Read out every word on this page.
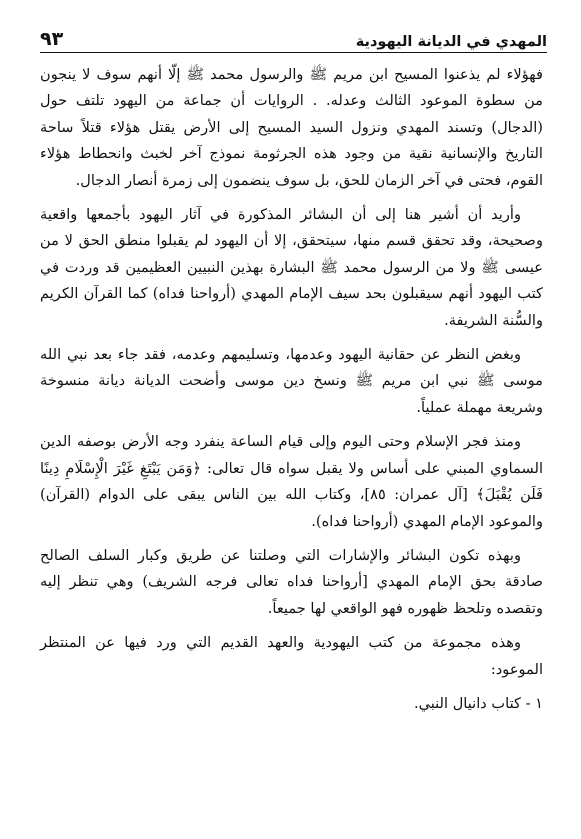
المهدي في الديانة اليهودية
٩٣

فهؤلاء لم يذعنوا المسيح ابن مريم ﷺ والرسول محمد ﷺ إلّا أنهم سوف لا ينجون من سطوة الموعود الثالث وعدله. . الروايات أن جماعة من اليهود تلتف حول (الدجال) وتسند المهدي ونزول السيد المسيح إلى الأرض يقتل هؤلاء قتلاً ساحة التاريخ والإنسانية نقية من وجود هذه الجرثومة نموذج آخر لخبث وانحطاط هؤلاء القوم، فحتى في آخر الزمان للحق، بل سوف ينضمون إلى زمرة أنصار الدجال.

وأريد أن أشير هنا إلى أن البشائر المذكورة في آثار اليهود بأجمعها واقعية وصحيحة، وقد تحقق قسم منها، سيتحقق، إلا أن اليهود لم يقبلوا منطق الحق لا من عيسى ﷺ ولا من الرسول محمد ﷺ البشارة بهذين النبيين العظيمين قد وردت في كتب اليهود أنهم سيقبلون بحد سيف الإمام المهدي (أرواحنا فداه) كما القرآن الكريم والسُّنة الشريفة.

وبغض النظر عن حقانية اليهود وعدمها، وتسليمهم وعدمه، فقد جاء بعد نبي الله موسى ﷺ نبي ابن مريم ﷺ ونسخ دين موسى وأضحت الديانة ديانة منسوخة وشريعة مهملة عملياً.

ومنذ فجر الإسلام وحتى اليوم وإلى قيام الساعة ينفرد وجه الأرض بوصفه الدين السماوي المبني على أساس ولا يقبل سواه قال تعالى: ﴿وَمَن يَبْتَغِ غَيْرَ الْإِسْلَامِ دِينًا فَلَن يُقْبَلَ﴾ [آل عمران: ٨٥]، وكتاب الله بين الناس يبقى على الدوام (القرآن) والموعود الإمام المهدي (أرواحنا فداه).

وبهذه تكون البشائر والإشارات التي وصلتنا عن طريق وكبار السلف الصالح صادقة بحق الإمام المهدي [أرواحنا فداه تعالى فرجه الشريف) وهي تنظر إليه وتقصده وتلحظ ظهوره فهو الواقعي لها جميعاً.

وهذه مجموعة من كتب اليهودية والعهد القديم التي ورد فيها عن المنتظر الموعود:

١ - كتاب دانيال النبي.
